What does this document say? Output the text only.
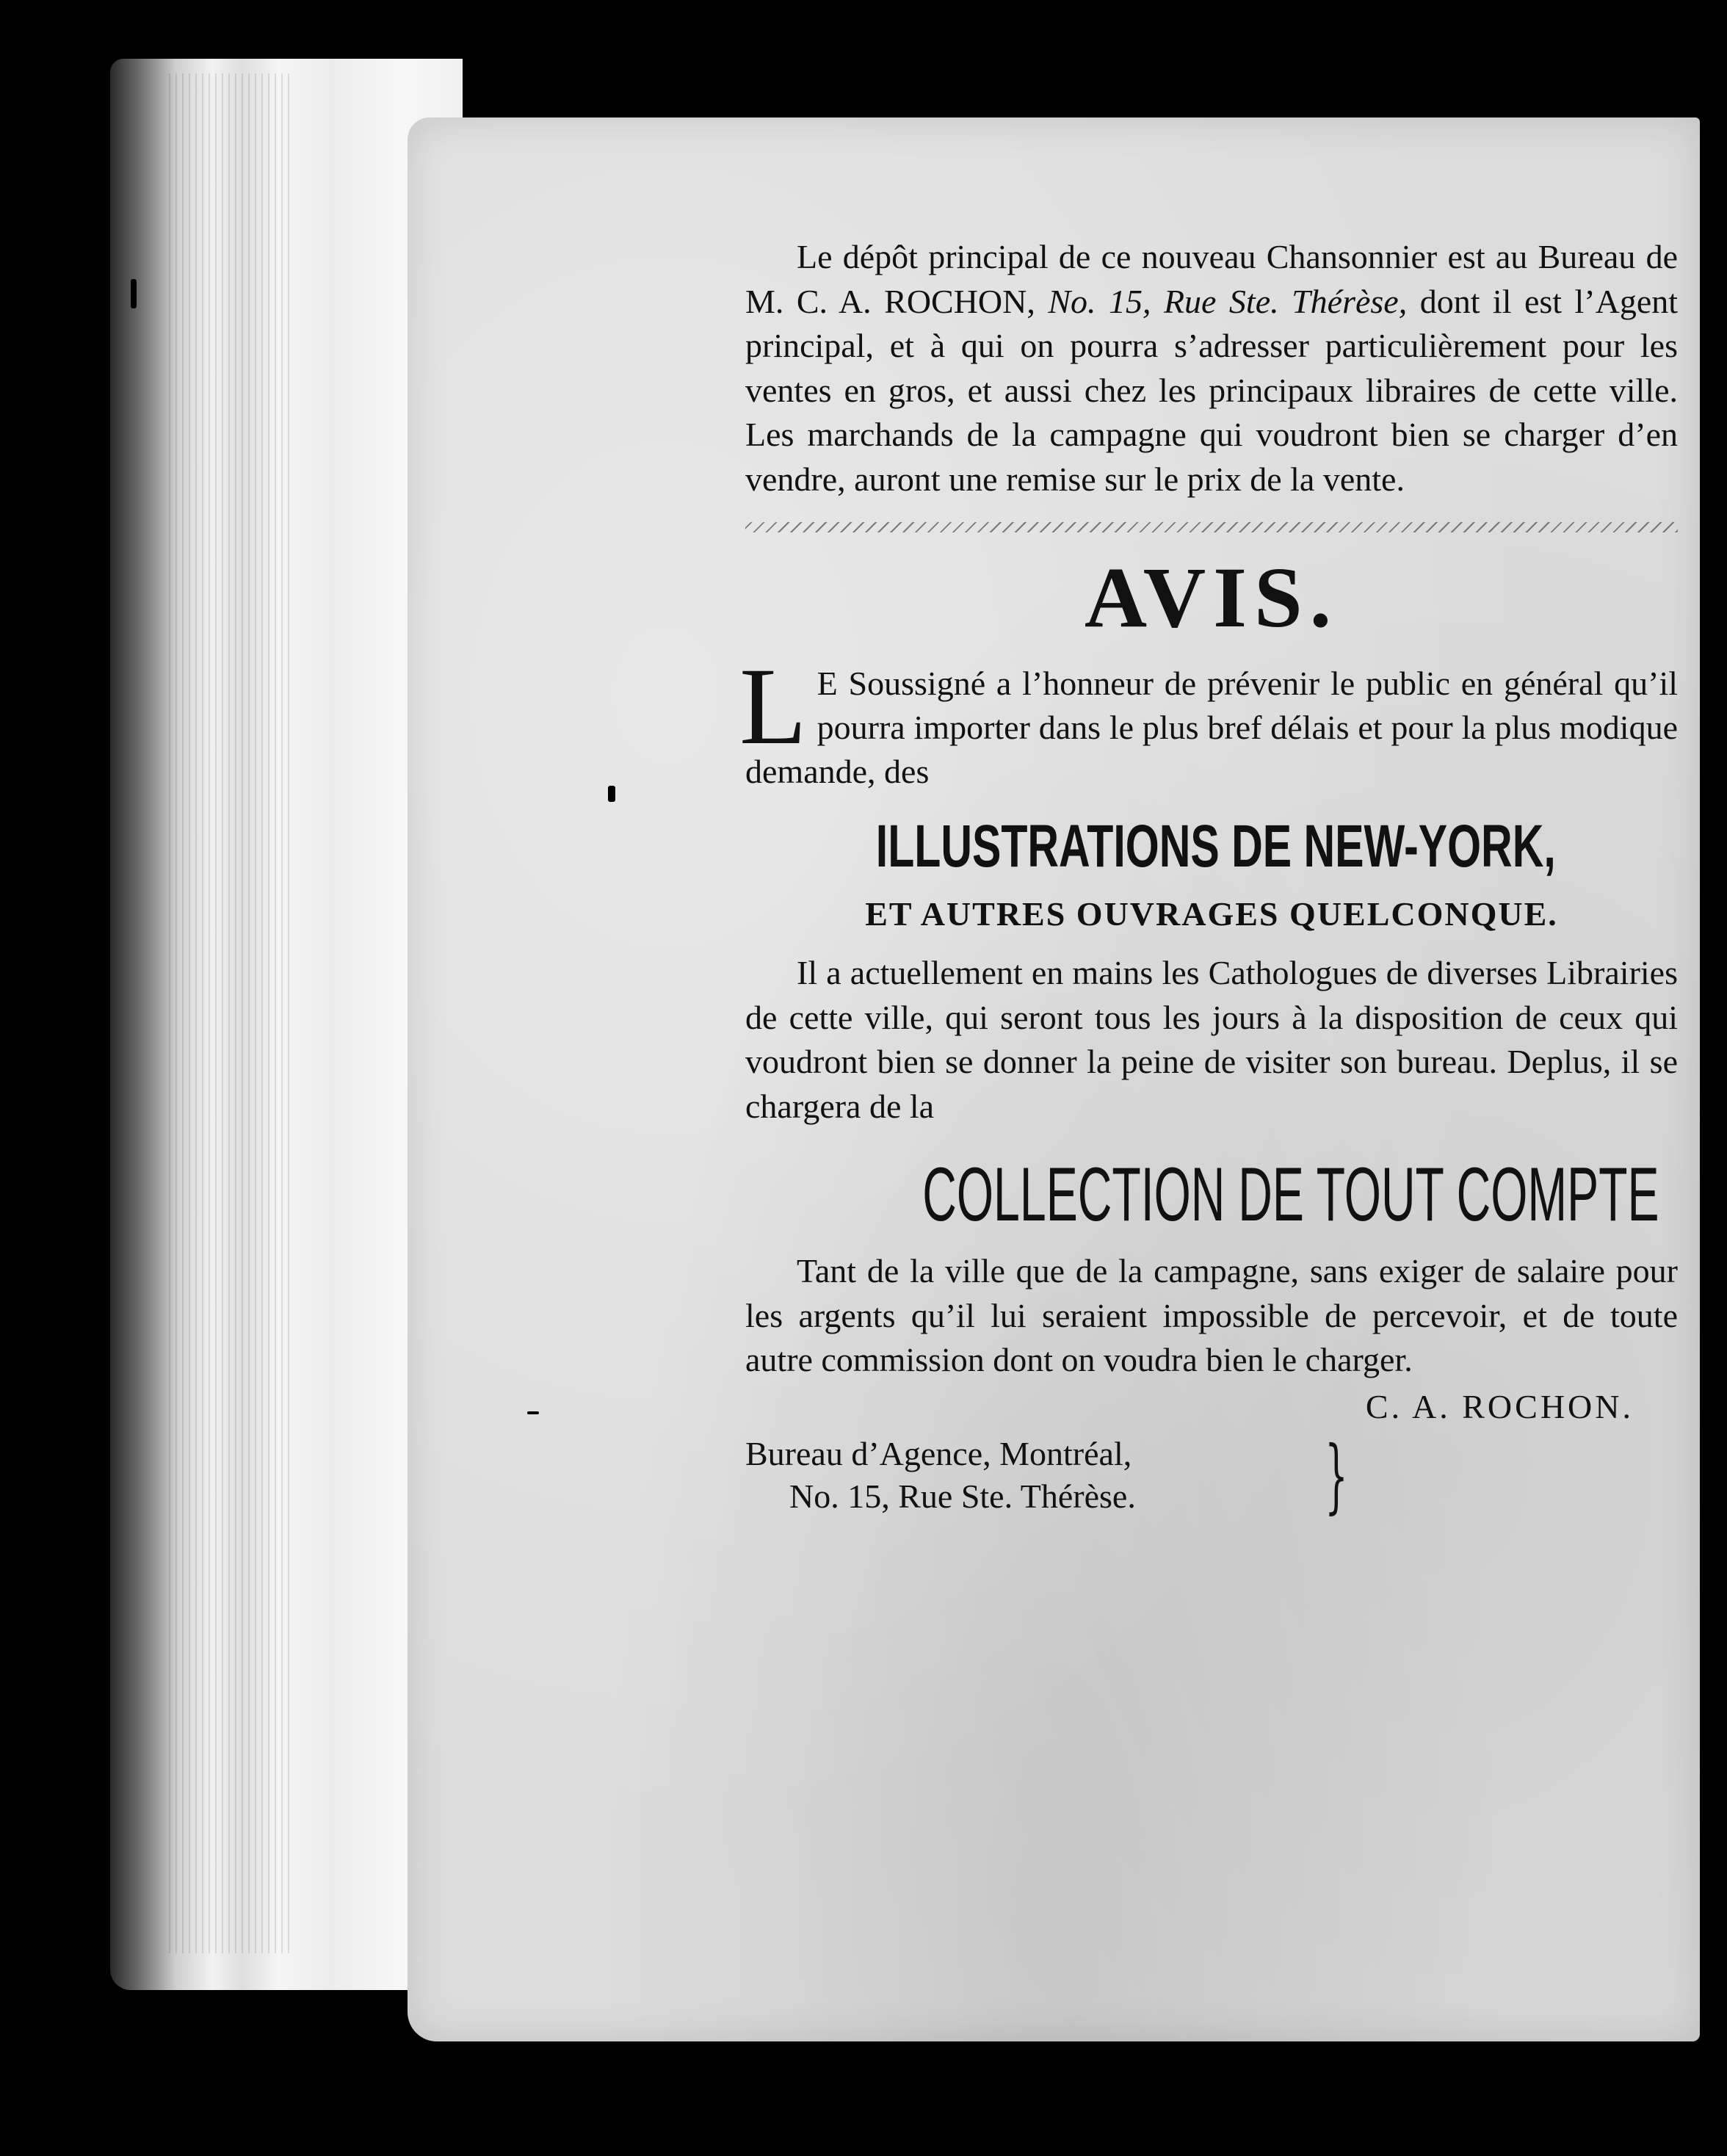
Le dépôt principal de ce nouveau Chansonnier est au Bureau de M. C. A. ROCHON, No. 15, Rue Ste. Thérèse, dont il est l’Agent principal, et à qui on pourra s’adresser particulièrement pour les ventes en gros, et aussi chez les principaux libraires de cette ville. Les marchands de la campagne qui voudront bien se charger d’en vendre, auront une remise sur le prix de la vente.

AVIS.

L E Soussigné a l’honneur de prévenir le public en général qu’il pourra importer dans le plus bref délais et pour la plus modique demande, des

ILLUSTRATIONS DE NEW-YORK,
ET AUTRES OUVRAGES QUELCONQUE.

Il a actuellement en mains les Cathologues de diverses Librairies de cette ville, qui seront tous les jours à la disposition de ceux qui voudront bien se donner la peine de visiter son bureau. Deplus, il se chargera de la

COLLECTION DE TOUT COMPTE

Tant de la ville que de la campagne, sans exiger de salaire pour les argents qu’il lui seraient impossible de percevoir, et de toute autre commission dont on voudra bien le charger.

C. A. ROCHON.
Bureau d’Agence, Montréal,
No. 15, Rue Ste. Thérèse.	}
